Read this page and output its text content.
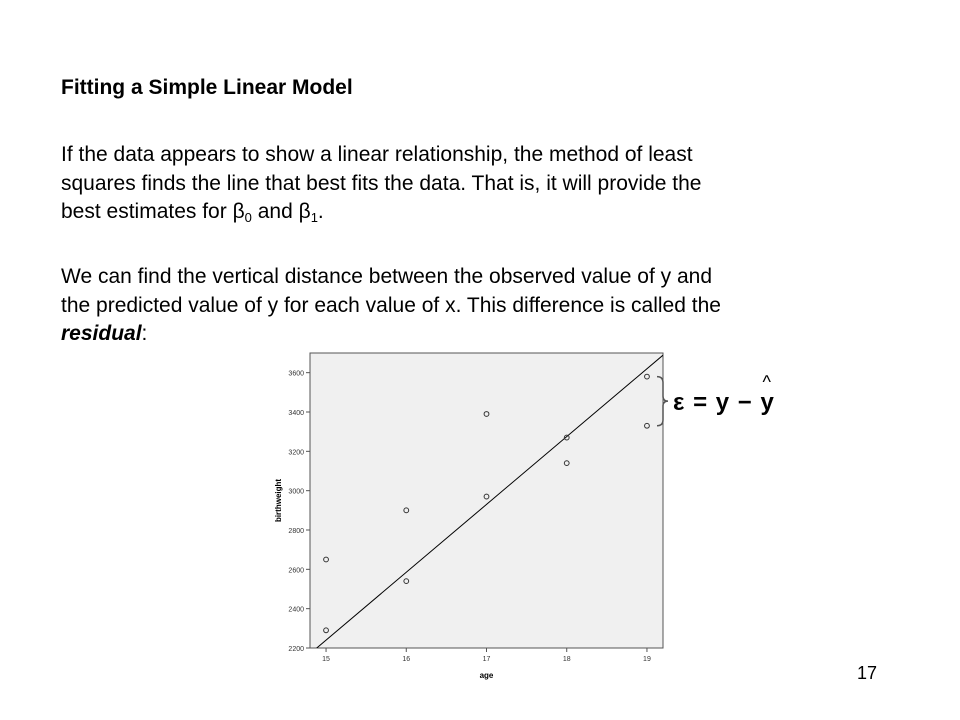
Fitting a Simple Linear Model

If the data appears to show a linear relationship, the method of least
squares finds the line that best fits the data. That is, it will provide the
best estimates for $\beta_0$ and $\beta_1$.

We can find the vertical distance between the observed value of y and
the predicted value of y for each value of x. This difference is called the
residual:

2200
2400
2600
2800
3000
3200
3400
3600
15	16	17	18	19
age
birthweight
ε = y −
^
y
17
